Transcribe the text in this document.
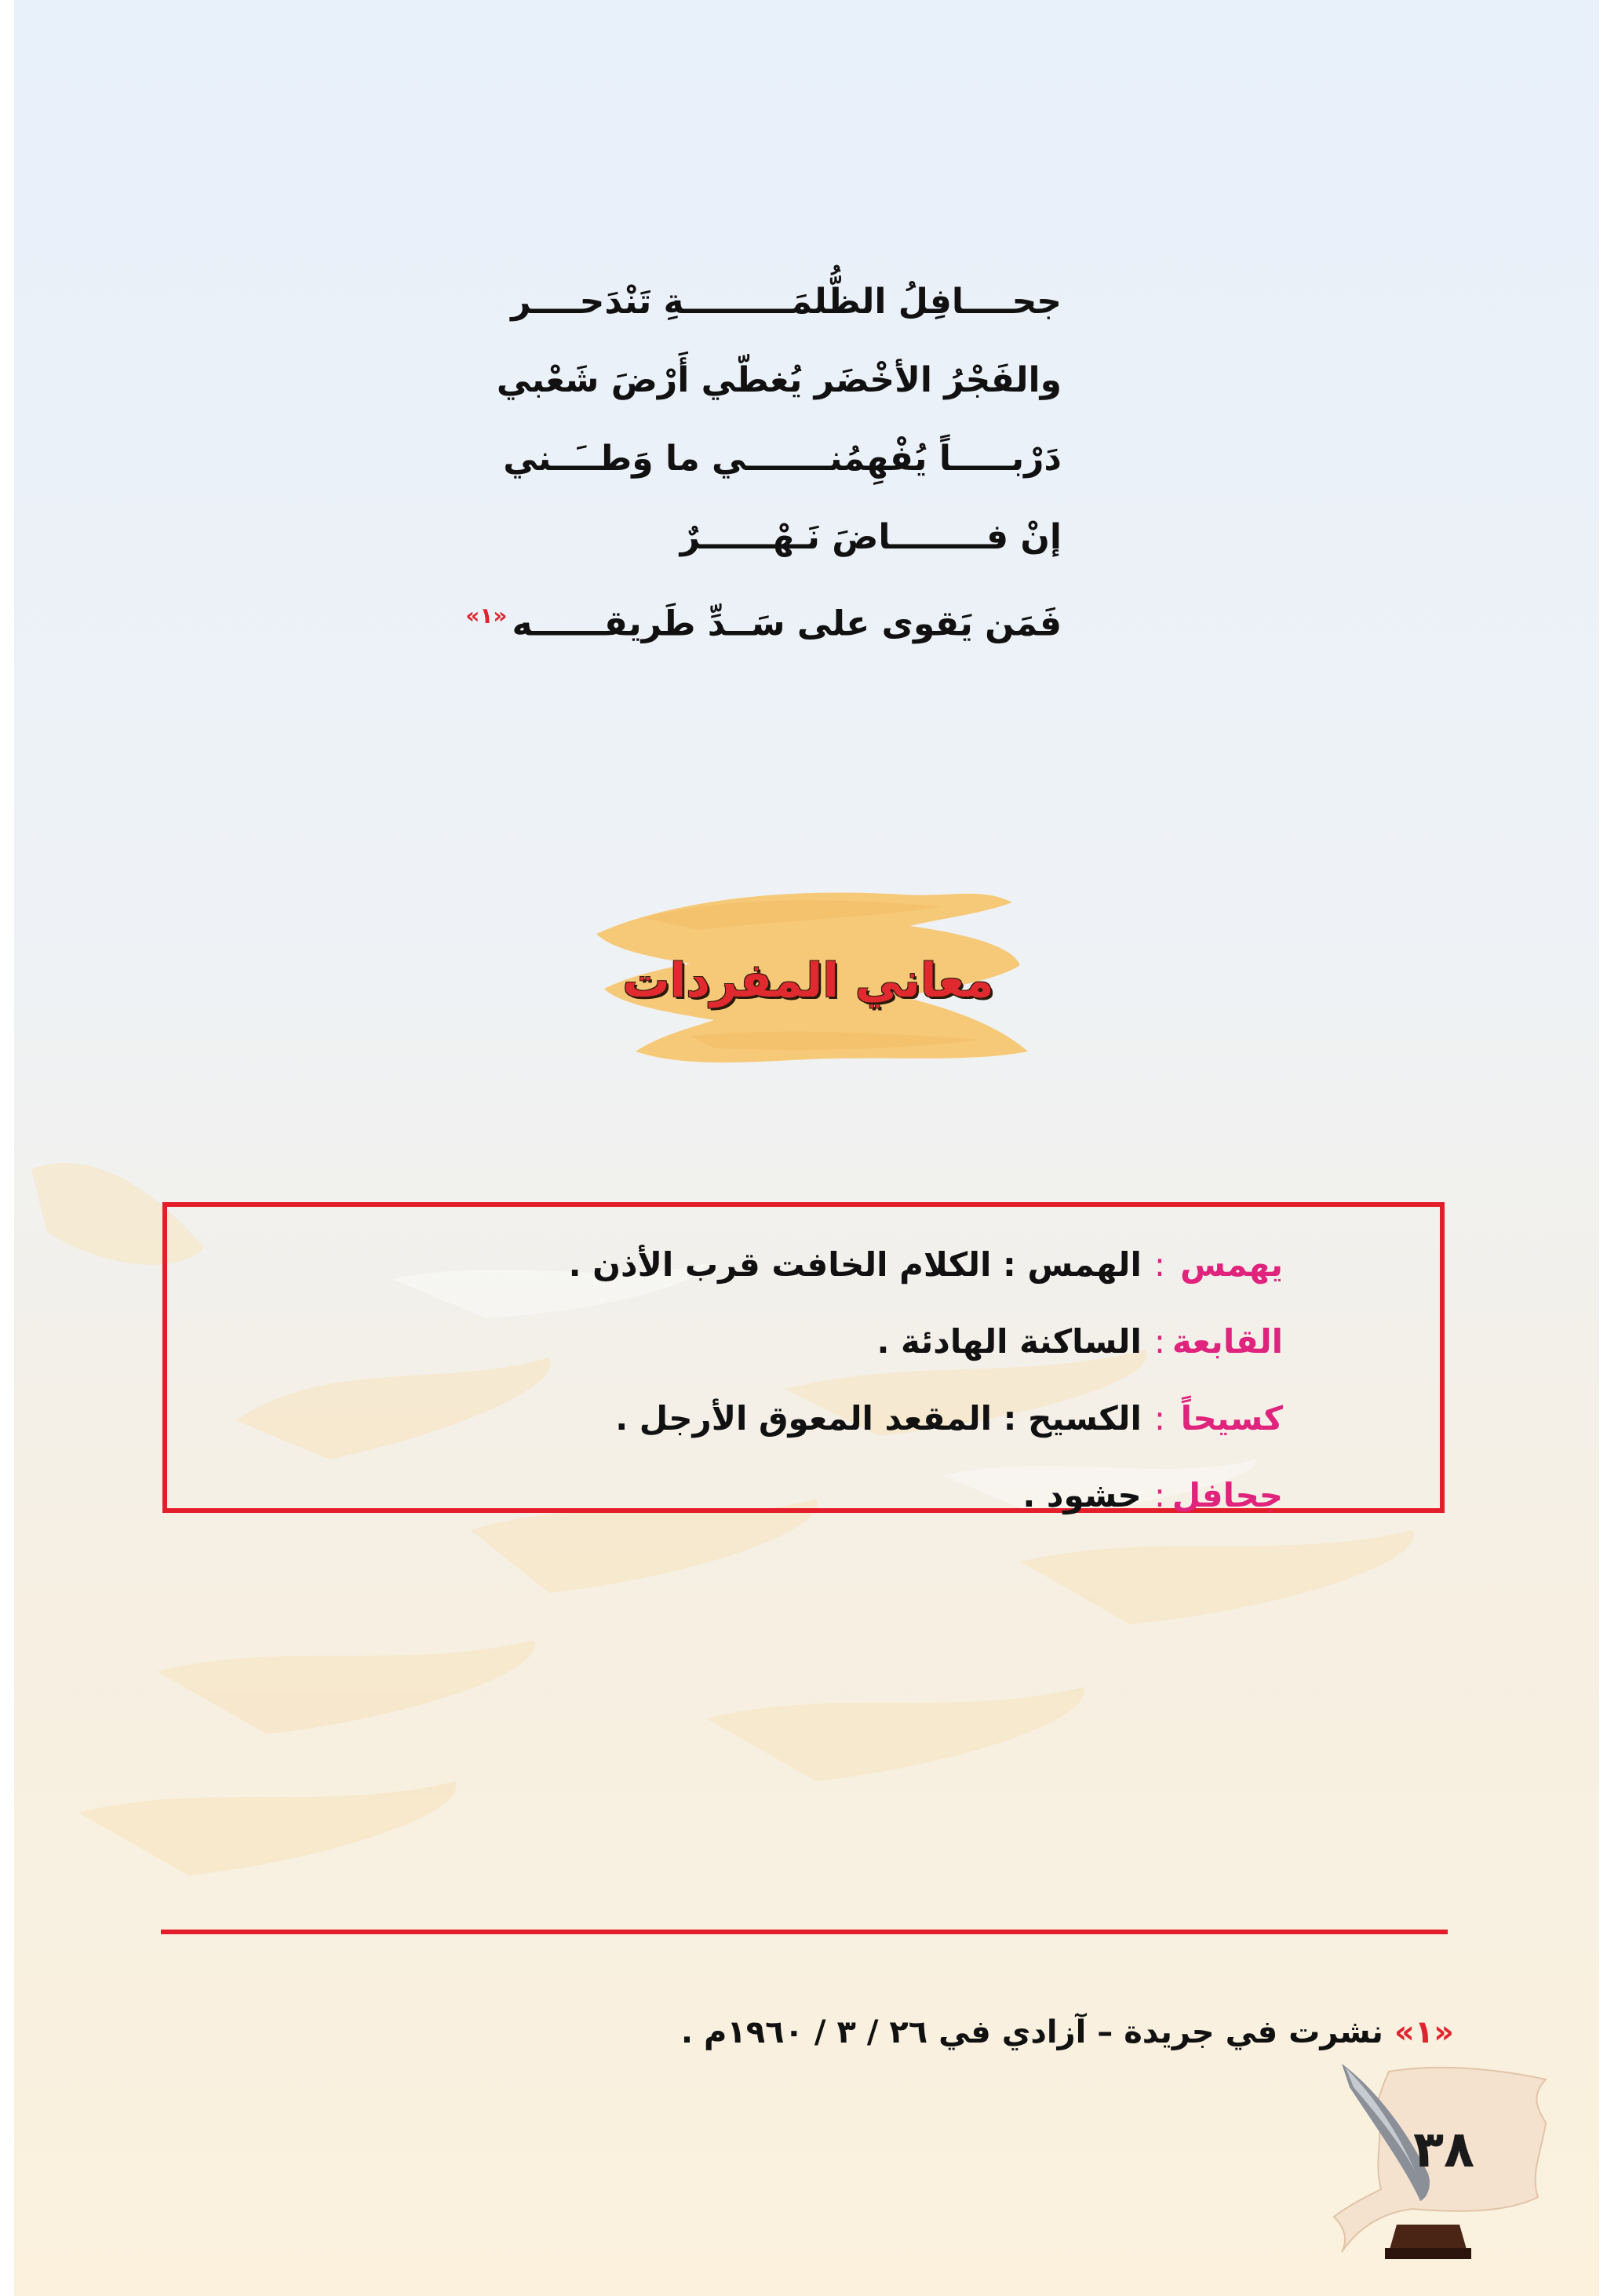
جحــــافِلُ الظُّلمَـــــــــةِ تَنْدَحــــر
والفَجْرُ الأخْضَر يُغطّي أَرْضَ شَعْبي
دَرْبـــــاً يُفْهِمُنـــــــي ما وَطــَــني
إنْ فــــــــاضَ نَـهْــــــرٌ
فَمَن يَقوى على سَــدِّ طَريقــــــه$^{«١»}$
معاني المفردات
يهمس:الهمس : الكلام الخافت قرب الأذن .
القابعة:الساكنة الهادئة .
كسيحاً:الكسيح : المقعد المعوق الأرجل .
جحافل:حشود .
«١» نشرت في جريدة – آزادي في ٢٦ / ٣ / ١٩٦٠م .
٣٨
